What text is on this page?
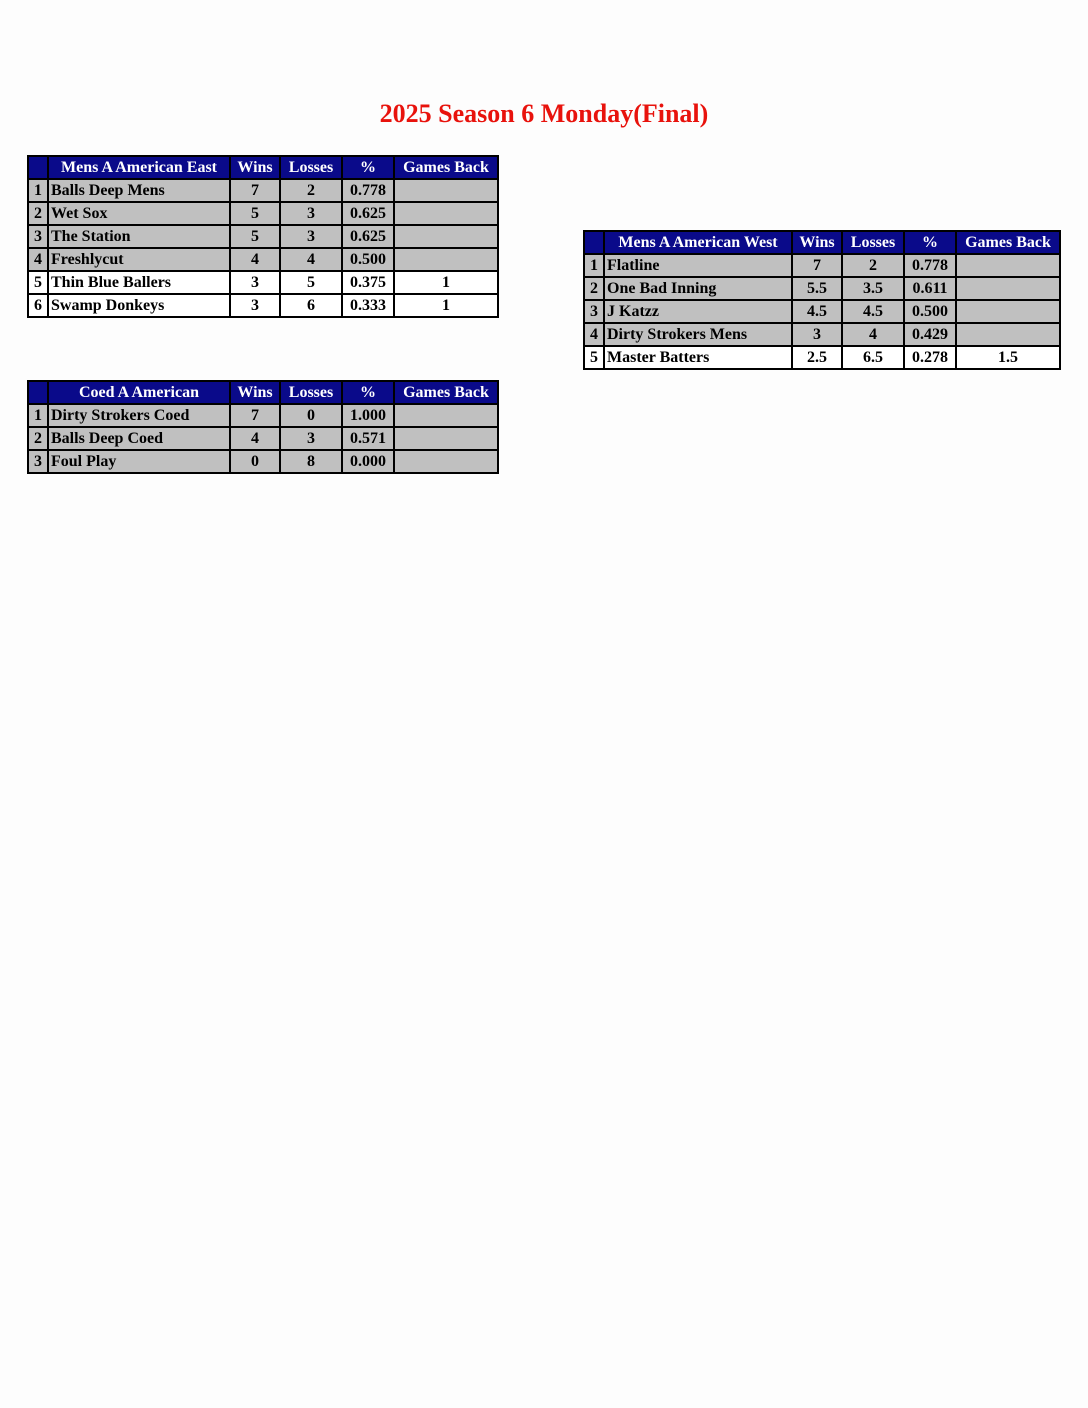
2025 Season 6 Monday(Final)
	Mens A American East	Wins	Losses	%	Games Back
1	Balls Deep Mens	7	2	0.778	
2	Wet Sox	5	3	0.625	
3	The Station	5	3	0.625	
4	Freshlycut	4	4	0.500	
5	Thin Blue Ballers	3	5	0.375	1
6	Swamp Donkeys	3	6	0.333	1
	Coed A American	Wins	Losses	%	Games Back
1	Dirty Strokers Coed	7	0	1.000	
2	Balls Deep Coed	4	3	0.571	
3	Foul Play	0	8	0.000	
	Mens A American West	Wins	Losses	%	Games Back
1	Flatline	7	2	0.778	
2	One Bad Inning	5.5	3.5	0.611	
3	J Katzz	4.5	4.5	0.500	
4	Dirty Strokers Mens	3	4	0.429	
5	Master Batters	2.5	6.5	0.278	1.5
